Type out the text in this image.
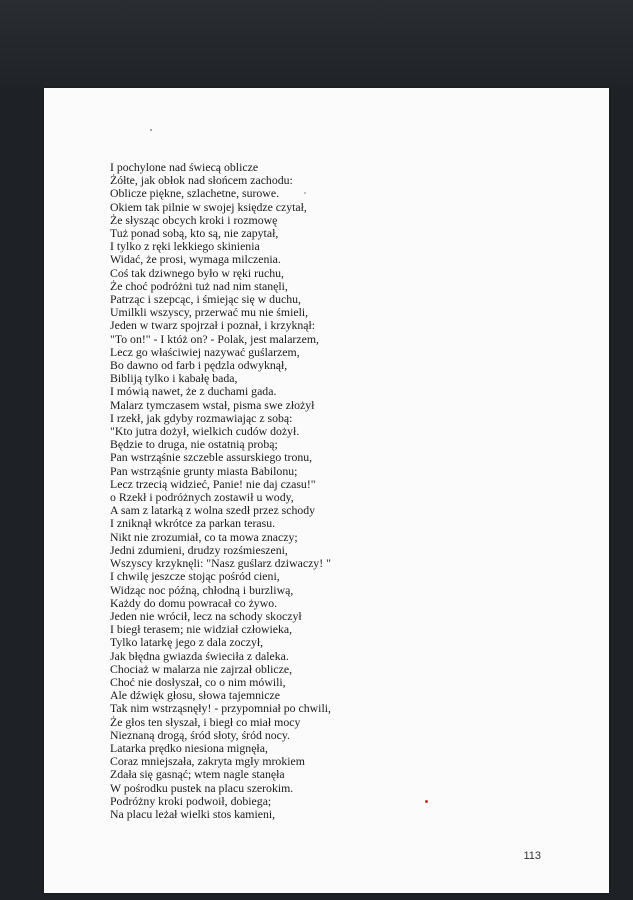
I pochylone nad świecą oblicze
Żółte, jak obłok nad słońcem zachodu:
Oblicze piękne, szlachetne, surowe.
Okiem tak pilnie w swojej księdze czytał,
Że słysząc obcych kroki i rozmowę
Tuż ponad sobą, kto są, nie zapytał,
I tylko z ręki lekkiego skinienia
Widać, że prosi, wymaga milczenia.
Coś tak dziwnego było w ręki ruchu,
Że choć podróżni tuż nad nim stanęli,
Patrząc i szepcąc, i śmiejąc się w duchu,
Umilkli wszyscy, przerwać mu nie śmieli,
Jeden w twarz spojrzał i poznał, i krzyknął:
"To on!" - I któż on? - Polak, jest malarzem,
Lecz go właściwiej nazywać guślarzem,
Bo dawno od farb i pędzla odwyknął,
Bibliją tylko i kabałę bada,
I mówią nawet, że z duchami gada.
Malarz tymczasem wstał, pisma swe złożył
I rzekł, jak gdyby rozmawiając z sobą:
"Kto jutra dożył, wielkich cudów dożył.
Będzie to druga, nie ostatnią probą;
Pan wstrząśnie szczeble assurskiego tronu,
Pan wstrząśnie grunty miasta Babilonu;
Lecz trzecią widzieć, Panie! nie daj czasu!"
o Rzekł i podróżnych zostawił u wody,
A sam z latarką z wolna szedł przez schody
I zniknął wkrótce za parkan terasu.
Nikt nie zrozumiał, co ta mowa znaczy;
Jedni zdumieni, drudzy rozśmieszeni,
Wszyscy krzyknęli: "Nasz guślarz dziwaczy! "
I chwilę jeszcze stojąc pośród cieni,
Widząc noc późną, chłodną i burzliwą,
Każdy do domu powracał co żywo.
Jeden nie wrócił, lecz na schody skoczył
I biegł terasem; nie widział człowieka,
Tylko latarkę jego z dala zoczył,
Jak błędna gwiazda świeciła z daleka.
Chociaż w malarza nie zajrzał oblicze,
Choć nie dosłyszał, co o nim mówili,
Ale dźwięk głosu, słowa tajemnicze
Tak nim wstrząsnęły! - przypomniał po chwili,
Że głos ten słyszał, i biegł co miał mocy
Nieznaną drogą, śród słoty, śród nocy.
Latarka prędko niesiona mignęła,
Coraz mniejszała, zakryta mgły mrokiem
Zdała się gasnąć; wtem nagle stanęła
W pośrodku pustek na placu szerokim.
Podróżny kroki podwoił, dobiega;
Na placu leżał wielki stos kamieni,
113
